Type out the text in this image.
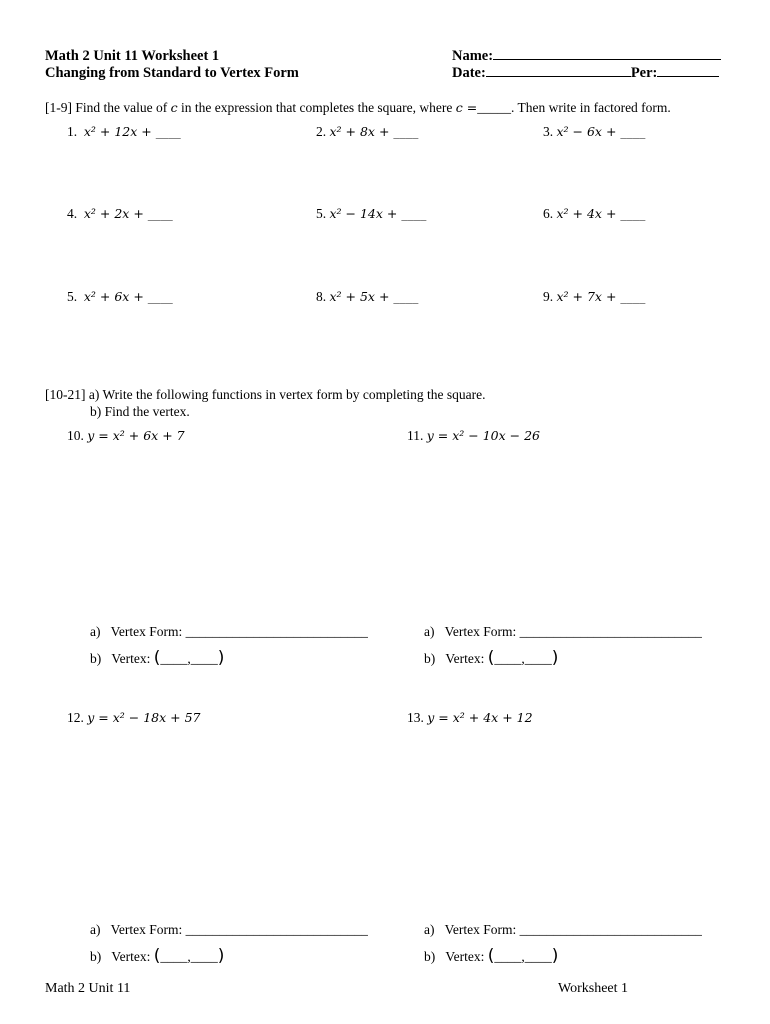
Math 2 Unit 11 Worksheet 1
Changing from Standard to Vertex Form
Name:
Date:	Per:
[1-9] Find the value of c in the expression that completes the square, where c =_____. Then write in factored form.
1. x² + 12x + ____	2. x² + 8x + ____	3. x² − 6x + ____
4. x² + 2x + ____	5. x² − 14x + ____	6. x² + 4x + ____
5. x² + 6x + ____	8. x² + 5x + ____	9. x² + 7x + ____
[10-21] a) Write the following functions in vertex form by completing the square.
b) Find the vertex.
10. y = x² + 6x + 7	11. y = x² − 10x − 26
a) Vertex Form: ___________________________
b) Vertex: (____,____)
a) Vertex Form: ___________________________
b) Vertex: (____,____)
12. y = x² − 18x + 57	13. y = x² + 4x + 12
a) Vertex Form: ___________________________
b) Vertex: (____,____)
a) Vertex Form: ___________________________
b) Vertex: (____,____)
Math 2 Unit 11	Worksheet 1
